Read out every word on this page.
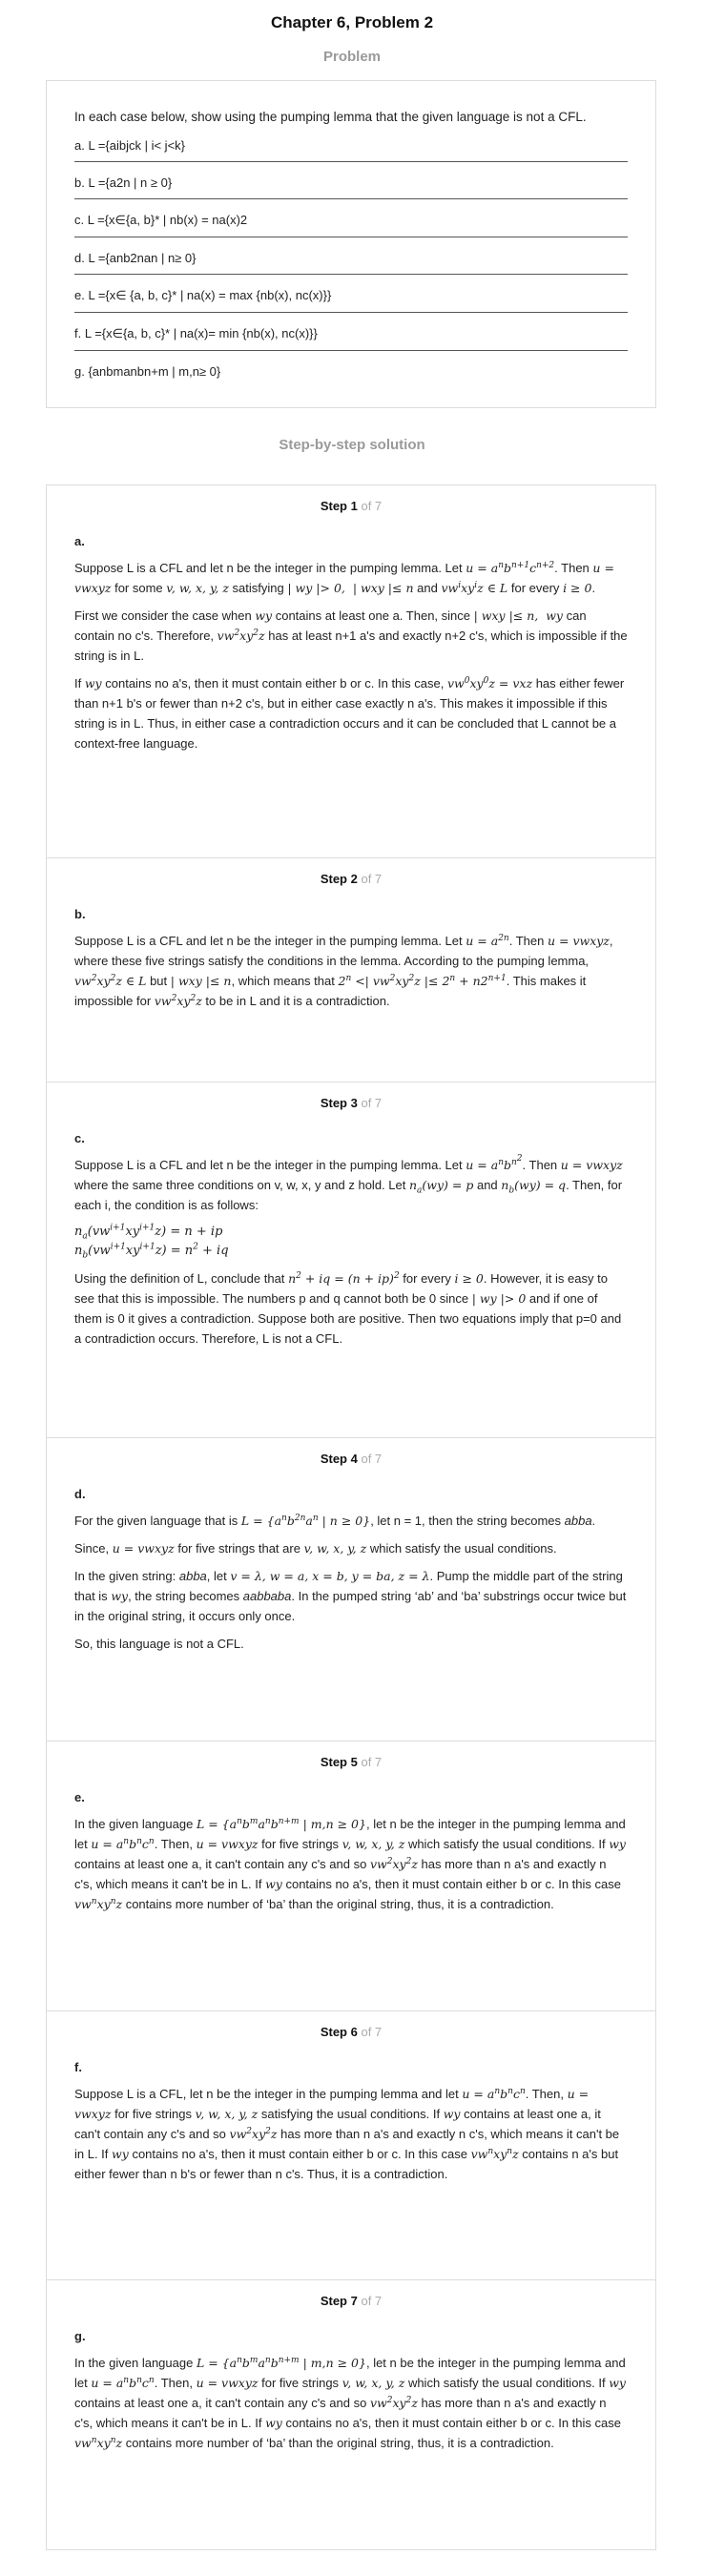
Chapter 6, Problem 2
Problem

In each case below, show using the pumping lemma that the given language is not a CFL.

a. L ={aibjck | i< j<k}
b. L ={a2n | n ≥ 0}
c. L ={x∈{a, b}* | nb(x) = na(x)2
d. L ={anb2nan | n≥ 0}
e. L ={x∈ {a, b, c}* | na(x) = max {nb(x), nc(x)}}
f. L ={x∈{a, b, c}* | na(x)= min {nb(x), nc(x)}}
g. {anbmanbn+m | m,n≥ 0}
Step-by-step solution
Step 1 of 7
a.

Suppose L is a CFL and let n be the integer in the pumping lemma. Let $u = a^nb^{n+1}c^{n+2}$. Then u = vwxyz for some v, w, x, y, z satisfying | wy |> 0,  | wxy |≤ n and $vw^ixy^iz$ ∈ L for every i ≥ 0.

First we consider the case when wy contains at least one a. Then, since | wxy |≤ n,  wy can contain no c's. Therefore, $vw^2xy^2z$ has at least n+1 a's and exactly n+2 c's, which is impossible if the string is in L.

If wy contains no a's, then it must contain either b or c. In this case, $vw^0xy^0z$ = vxz has either fewer than n+1 b's or fewer than n+2 c's, but in either case exactly n a's. This makes it impossible if this string is in L. Thus, in either case a contradiction occurs and it can be concluded that L cannot be a context-free language.

Step 2 of 7
b.

Suppose L is a CFL and let n be the integer in the pumping lemma. Let $u = a^{2n}$. Then u = vwxyz, where these five strings satisfy the conditions in the lemma. According to the pumping lemma, $vw^2xy^2z$ ∈ L but | wxy |≤ n, which means that $2^n$ <| $vw^2xy^2z$ |≤ $2^n + n2^{n+1}$. This makes it impossible for $vw^2xy^2z$ to be in L and it is a contradiction.

Step 3 of 7
c.

Suppose L is a CFL and let n be the integer in the pumping lemma. Let $u = a^nb^{n^2}$. Then u = vwxyz where the same three conditions on v, w, x, y and z hold. Let $n_a(wy) = p$ and $n_b(wy) = q$. Then, for each i, the condition is as follows:

$n_a(vw^{i+1}xy^{i+1}z) = n$ + ip
$n_b(vw^{i+1}xy^{i+1}z) = n^2$ + iq

Using the definition of L, conclude that $n^2$ + iq = (n + ip)$^2$ for every i ≥ 0. However, it is easy to see that this is impossible. The numbers p and q cannot both be 0 since | wy |> 0 and if one of them is 0 it gives a contradiction. Suppose both are positive. Then two equations imply that p=0 and a contradiction occurs. Therefore, L is not a CFL.

Step 4 of 7
d.

For the given language that is $L = \{a^nb^{2n}a^n$ | n ≥ 0}, let n = 1, then the string becomes abba.

Since, u = vwxyz for five strings that are v, w, x, y, z which satisfy the usual conditions.

In the given string: abba, let v = λ, w = a, x = b, y = ba, z = λ. Pump the middle part of the string that is wy, the string becomes aabbaba. In the pumped string ‘ab’ and ‘ba’ substrings occur twice but in the original string, it occurs only once.

So, this language is not a CFL.

Step 5 of 7
e.

In the given language $L = \{a^nb^ma^nb^{n+m}$ | m,n ≥ 0}, let n be the integer in the pumping lemma and let $u = a^nb^nc^n$. Then, u = vwxyz for five strings v, w, x, y, z which satisfy the usual conditions. If wy contains at least one a, it can't contain any c's and so $vw^2xy^2z$ has more than n a's and exactly n c's, which means it can't be in L. If wy contains no a's, then it must contain either b or c. In this case $vw^nxy^nz$ contains more number of ‘ba’ than the original string, thus, it is a contradiction.

Step 6 of 7
f.

Suppose L is a CFL, let n be the integer in the pumping lemma and let $u = a^nb^nc^n$. Then, u = vwxyz for five strings v, w, x, y, z satisfying the usual conditions. If wy contains at least one a, it can't contain any c's and so $vw^2xy^2z$ has more than n a's and exactly n c's, which means it can't be in L. If wy contains no a's, then it must contain either b or c. In this case $vw^nxy^nz$ contains n a's but either fewer than n b's or fewer than n c's. Thus, it is a contradiction.

Step 7 of 7
g.

In the given language $L = \{a^nb^ma^nb^{n+m}$ | m,n ≥ 0}, let n be the integer in the pumping lemma and let $u = a^nb^nc^n$. Then, u = vwxyz for five strings v, w, x, y, z which satisfy the usual conditions. If wy contains at least one a, it can't contain any c's and so $vw^2xy^2z$ has more than n a's and exactly n c's, which means it can't be in L. If wy contains no a's, then it must contain either b or c. In this case $vw^nxy^nz$ contains more number of ‘ba’ than the original string, thus, it is a contradiction.
